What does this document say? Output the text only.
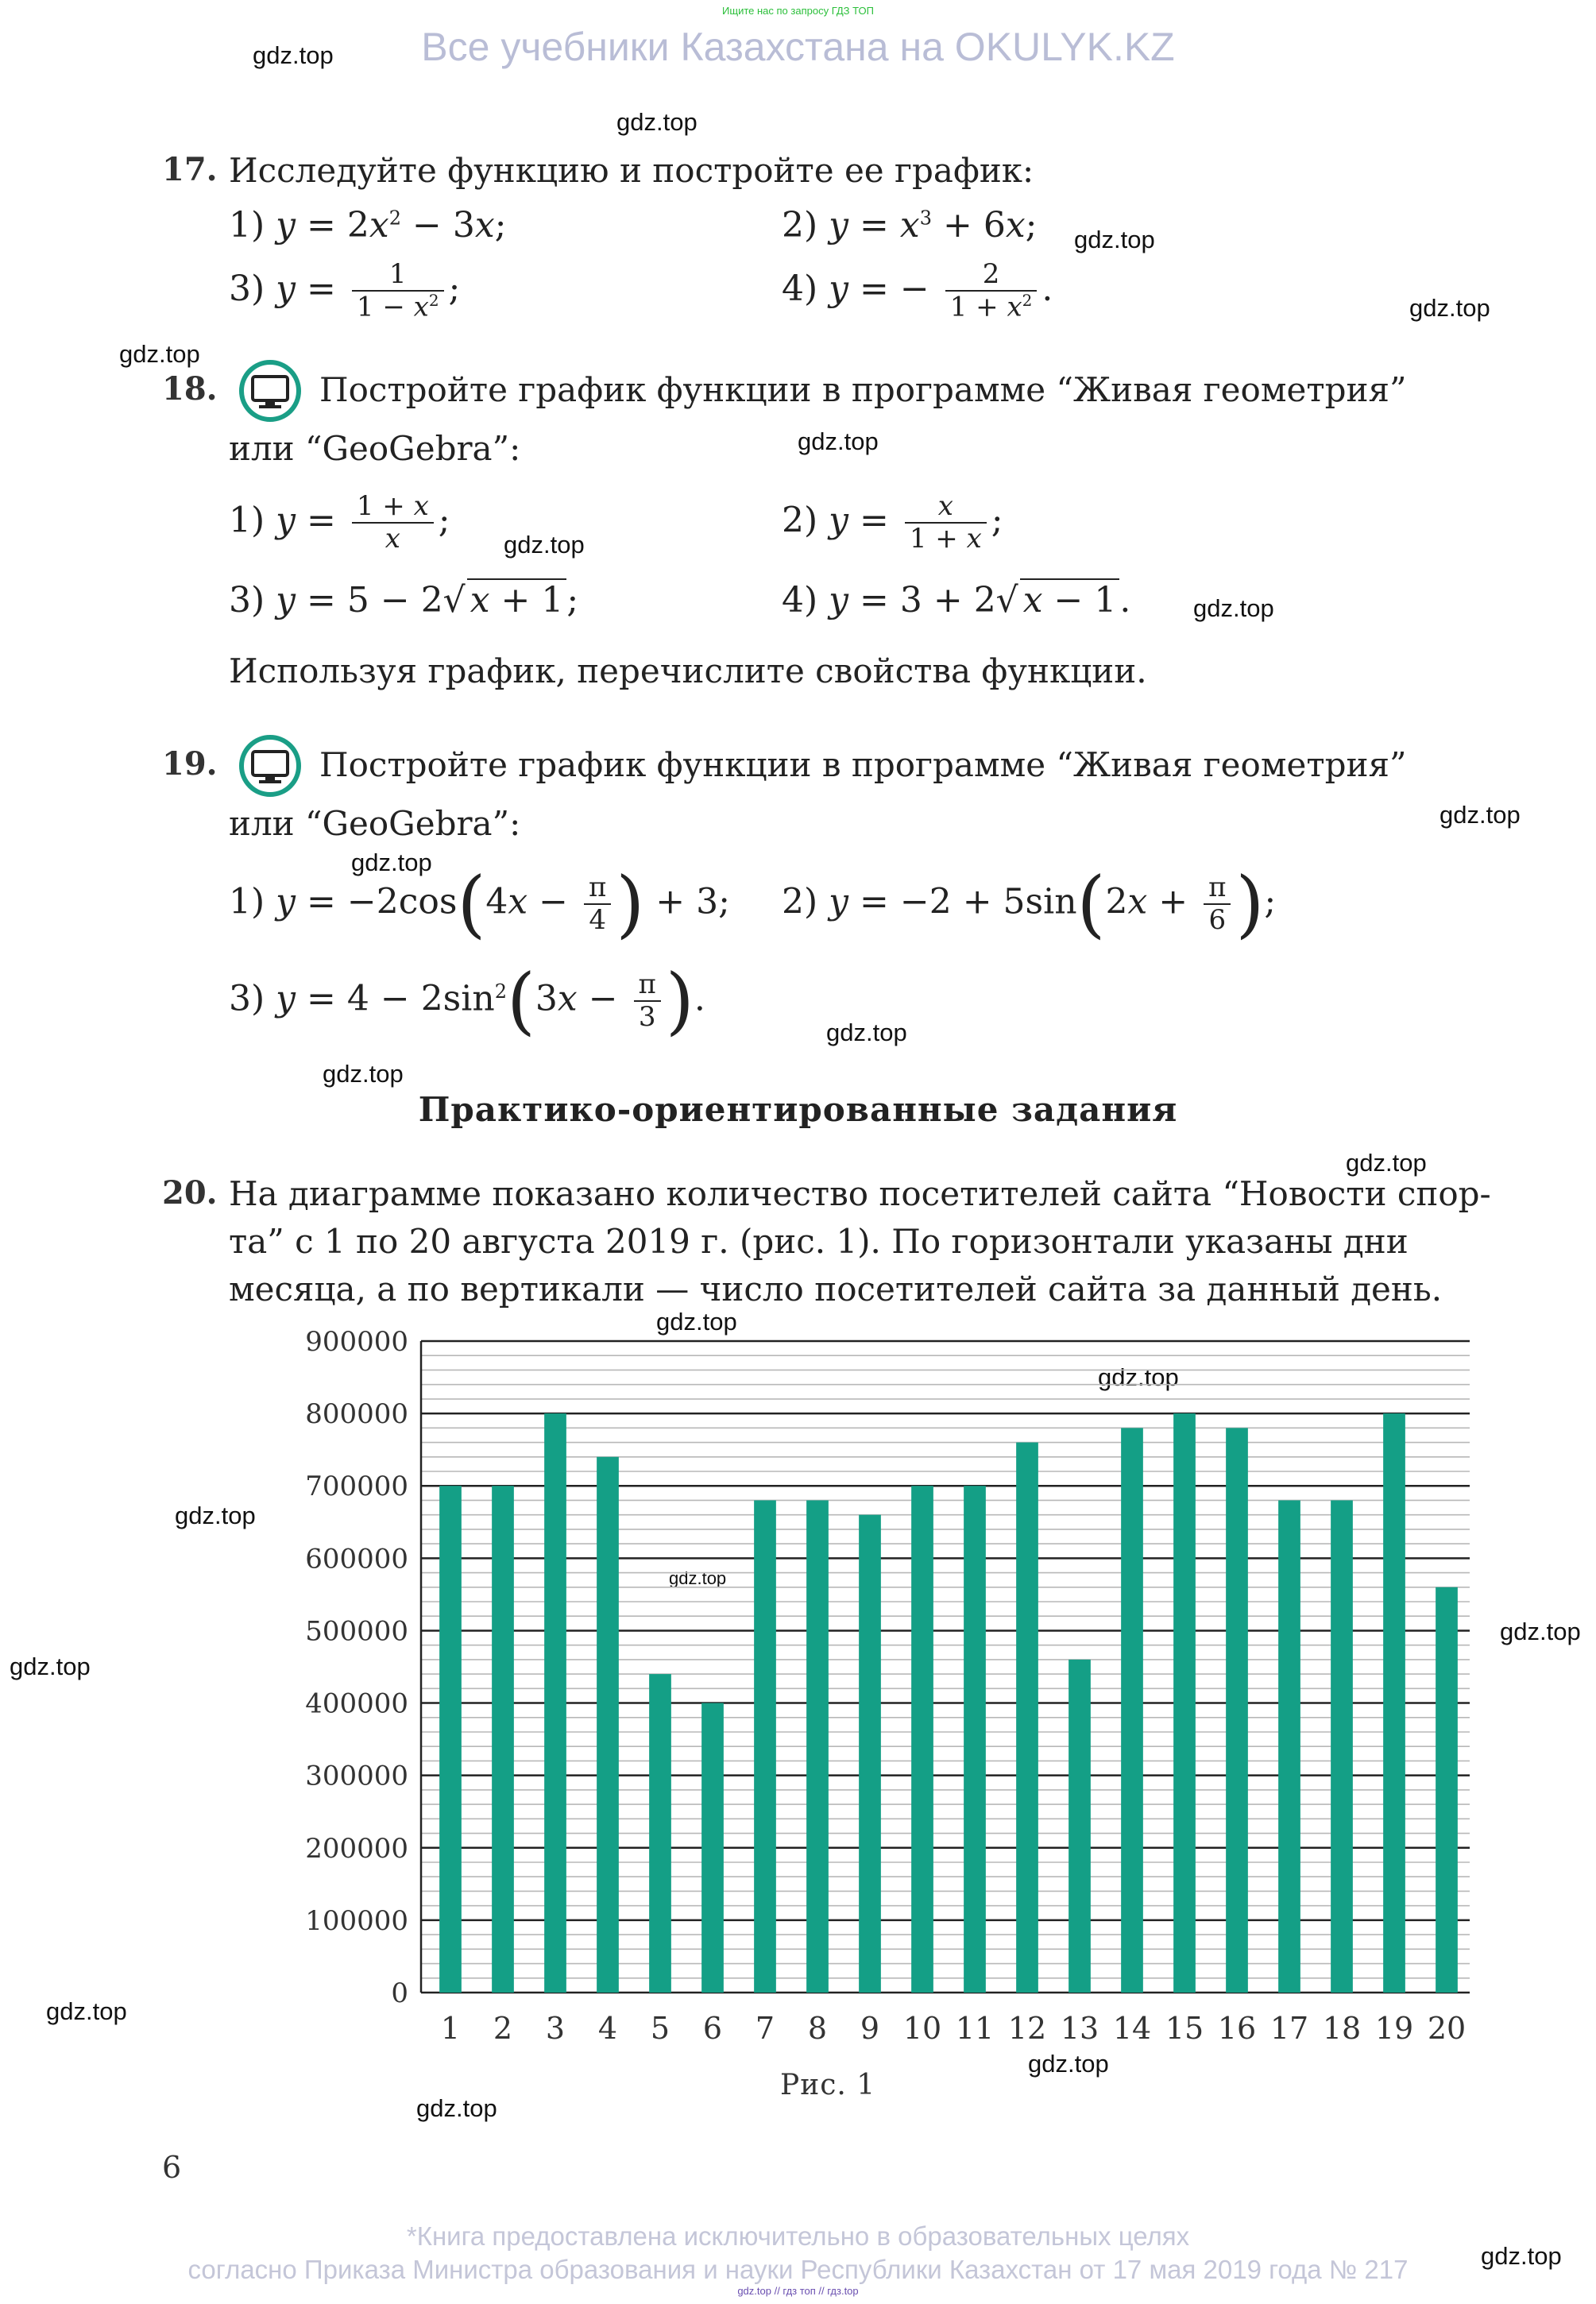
Ищите нас по запросу ГДЗ ТОП
Все учебники Казахстана на OKULYK.KZ
gdz.top
gdz.top
gdz.top
gdz.top
gdz.top
gdz.top
gdz.top
gdz.top
gdz.top
gdz.top
gdz.top
gdz.top
gdz.top
gdz.top
gdz.top
gdz.top
gdz.top
gdz.top
gdz.top
gdz.top
gdz.top
gdz.top
gdz.top
17. Исследуйте функцию и постройте ее график:
1) $y = 2x^2 - 3x$;	2) $y = x^3 + 6x$;
3) $y = \frac{1}{1 - x^2}$ ;	4) y = − $\frac{2}{1 + x^2}$ .
18.	Постройте график функции в программе “Живая геометрия”
или “GeoGebra”:
1) $y = \frac{1 + x}{x}$ ;	2) $y = \frac{x}{1 + x}$ ;
3) y = 5 − 2√ x + 1;	4) y = 3 + 2√ x − 1.
Используя график, перечислите свойства функции.
19.	Постройте график функции в программе “Живая геометрия”
или “GeoGebra”:
1) $y = -2\cos(4x - \frac{\pi}{4}$ ) + 3; 2) $y = -2 + 5\sin(2x + \frac{\pi}{6}$ );
3) $y = 4 - 2\sin^2(3x - \frac{\pi}{3}$ ).
Практико-ориентированные задания
20. На диаграмме показано количество посетителей сайта “Новости спор-
та” с 1 по 20 августа 2019 г. (рис. 1). По горизонтали указаны дни
месяца, а по вертикали — число посетителей сайта за данный день.
0
100000
200000
300000
400000
500000
600000
700000
800000
900000
1 2 3 4 5 6 7 8 9 10 11 12 13 14 15 16 17 18 19 20
Рис. 1
6
*Книга предоставлена исключительно в образовательных целях
согласно Приказа Министра образования и науки Республики Казахстан от 17 мая 2019 года № 217
gdz.top // гдз топ // гдз.top
